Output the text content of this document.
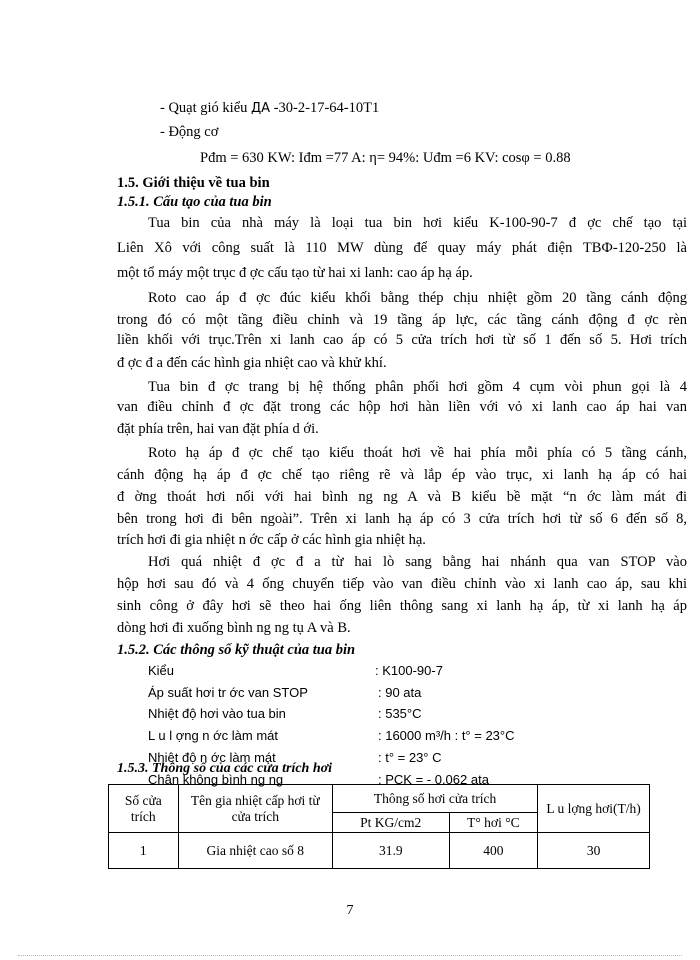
- Quạt gió kiểu ДА -30-2-17-64-10T1
- Động cơ
Pđm = 630 KW: Iđm =77 A: η= 94%: Uđm =6 KV: cosφ = 0.88
1.5. Giới thiệu về tua bin
1.5.1. Cấu tạo của tua bin
Tua bin của nhà máy là loại tua bin hơi kiểu K-100-90-7 đ ợc chế tạo tại
Liên Xô với công suất là 110 MW dùng để quay máy phát điện ТВФ-120-250 là
một tổ máy một trục đ ợc cấu tạo từ hai xi lanh: cao áp hạ áp.
Roto cao áp đ ợc đúc kiểu khối bằng thép chịu nhiệt gồm 20 tầng cánh động
trong đó có một tầng điều chỉnh và 19 tầng áp lực, các tầng cánh động đ ợc rèn
liền khối với trục.Trên xi lanh cao áp có 5 cửa trích hơi từ số 1 đến số 5. Hơi trích
đ ợc đ a đến các hình gia nhiệt cao và khử khí.
Tua bin đ ợc trang bị hệ thống phân phối hơi gồm 4 cụm vòi phun gọi là 4
van điều chỉnh đ ợc đặt trong các hộp hơi hàn liền với vỏ xi lanh cao áp hai van
đặt phía trên, hai van đặt phía d ới.
Roto hạ áp đ ợc chế tạo kiểu thoát hơi về hai phía mỗi phía có 5 tầng cánh,
cánh động hạ áp đ ợc chế tạo riêng rẽ và lắp ép vào trục, xi lanh hạ áp có hai
đ ờng thoát hơi nối với hai bình ng ng A và B kiểu bề mặt “n ớc làm mát đi
bên trong hơi đi bên ngoài”. Trên xi lanh hạ áp có 3 cửa trích hơi từ số 6 đến số 8,
trích hơi đi gia nhiệt n ớc cấp ở các hình gia nhiệt hạ.
Hơi quá nhiệt đ ợc đ a từ hai lò sang bằng hai nhánh qua van STOP vào
hộp hơi sau đó và 4 ống chuyển tiếp vào van điều chỉnh vào xi lanh cao áp, sau khi
sinh công ở đây hơi sẽ theo hai ống liên thông sang xi lanh hạ áp, từ xi lanh hạ áp
dòng hơi đi xuống bình ng ng tụ A và B.
1.5.2. Các thông số kỹ thuật của tua bin
Kiểu	: K100-90-7
Áp suất hơi tr ớc van STOP	: 90 ata
Nhiệt độ hơi vào tua bin	: 535°C
L u l ợng n ớc làm mát	: 16000 m³/h : t° = 23°C
Nhiệt độ n ớc làm mát	: t° = 23° C
Chân không bình ng ng	: PCK = - 0.062 ata
1.5.3. Thông số của các cửa trích hơi
Số cửa trích	Tên gia nhiệt cấp hơi từ cửa trích	Thông số hơi cửa trích		L u lợng hơi(T/h)
		Pt KG/cm2	T° hơi °C	
1	Gia nhiệt cao số 8	31.9	400	30
7
